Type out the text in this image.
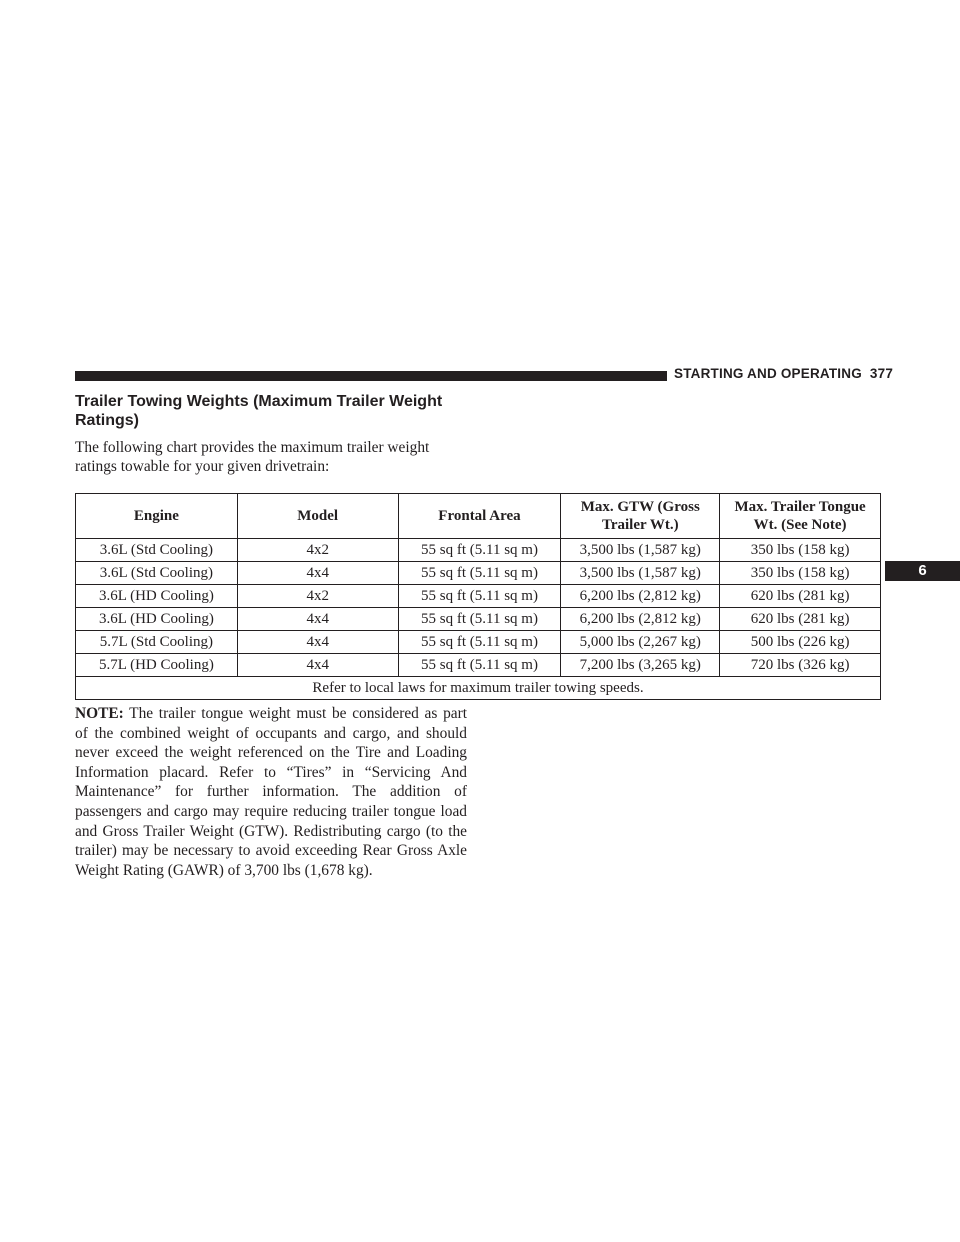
STARTING AND OPERATING 377
Trailer Towing Weights (Maximum Trailer Weight Ratings)

The following chart provides the maximum trailer weight ratings towable for your given drivetrain:

Engine	Model	Frontal Area	Max. GTW (Gross Trailer Wt.)	Max. Trailer Tongue Wt. (See Note)
3.6L (Std Cooling)	4x2	55 sq ft (5.11 sq m)	3,500 lbs (1,587 kg)	350 lbs (158 kg)
3.6L (Std Cooling)	4x4	55 sq ft (5.11 sq m)	3,500 lbs (1,587 kg)	350 lbs (158 kg)
3.6L (HD Cooling)	4x2	55 sq ft (5.11 sq m)	6,200 lbs (2,812 kg)	620 lbs (281 kg)
3.6L (HD Cooling)	4x4	55 sq ft (5.11 sq m)	6,200 lbs (2,812 kg)	620 lbs (281 kg)
5.7L (Std Cooling)	4x4	55 sq ft (5.11 sq m)	5,000 lbs (2,267 kg)	500 lbs (226 kg)
5.7L (HD Cooling)	4x4	55 sq ft (5.11 sq m)	7,200 lbs (3,265 kg)	720 lbs (326 kg)
Refer to local laws for maximum trailer towing speeds.				

NOTE: The trailer tongue weight must be considered as part of the combined weight of occupants and cargo, and should never exceed the weight referenced on the Tire and Loading Information placard. Refer to “Tires” in “Servicing And Maintenance” for further information. The addition of passengers and cargo may require reducing trailer tongue load and Gross Trailer Weight (GTW). Redistributing cargo (to the trailer) may be necessary to avoid exceeding Rear Gross Axle Weight Rating (GAWR) of 3,700 lbs (1,678 kg).

6
